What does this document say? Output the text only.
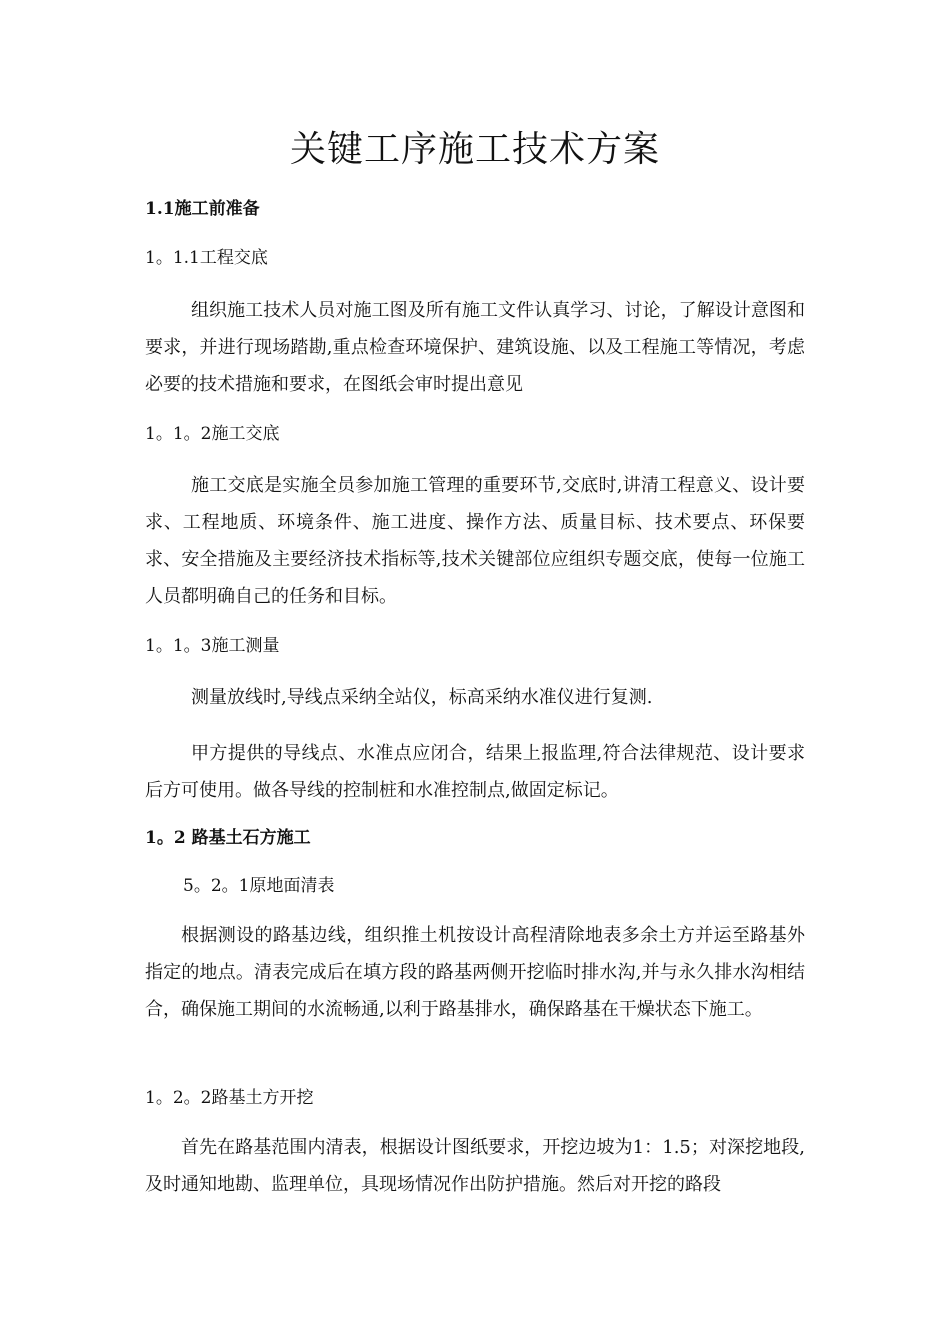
关键工序施工技术方案
1.1施工前准备
1。1.1工程交底

组织施工技术人员对施工图及所有施工文件认真学习、讨论，了解设计意图和要求，并进行现场踏勘,重点检查环境保护、建筑设施、以及工程施工等情况，考虑必要的技术措施和要求，在图纸会审时提出意见

1。1。2施工交底

施工交底是实施全员参加施工管理的重要环节,交底时,讲清工程意义、设计要求、工程地质、环境条件、施工进度、操作方法、质量目标、技术要点、环保要求、安全措施及主要经济技术指标等,技术关键部位应组织专题交底，使每一位施工人员都明确自己的任务和目标。

1。1。3施工测量

测量放线时,导线点采纳全站仪，标高采纳水准仪进行复测.

甲方提供的导线点、水准点应闭合，结果上报监理,符合法律规范、设计要求后方可使用。做各导线的控制桩和水准控制点,做固定标记。

1。2 路基土石方施工
5。2。1原地面清表

根据测设的路基边线，组织推土机按设计高程清除地表多余土方并运至路基外指定的地点。清表完成后在填方段的路基两侧开挖临时排水沟,并与永久排水沟相结合，确保施工期间的水流畅通,以利于路基排水，确保路基在干燥状态下施工。

1。2。2路基土方开挖

首先在路基范围内清表，根据设计图纸要求，开挖边坡为1：1.5；对深挖地段,及时通知地勘、监理单位，具现场情况作出防护措施。然后对开挖的路段
